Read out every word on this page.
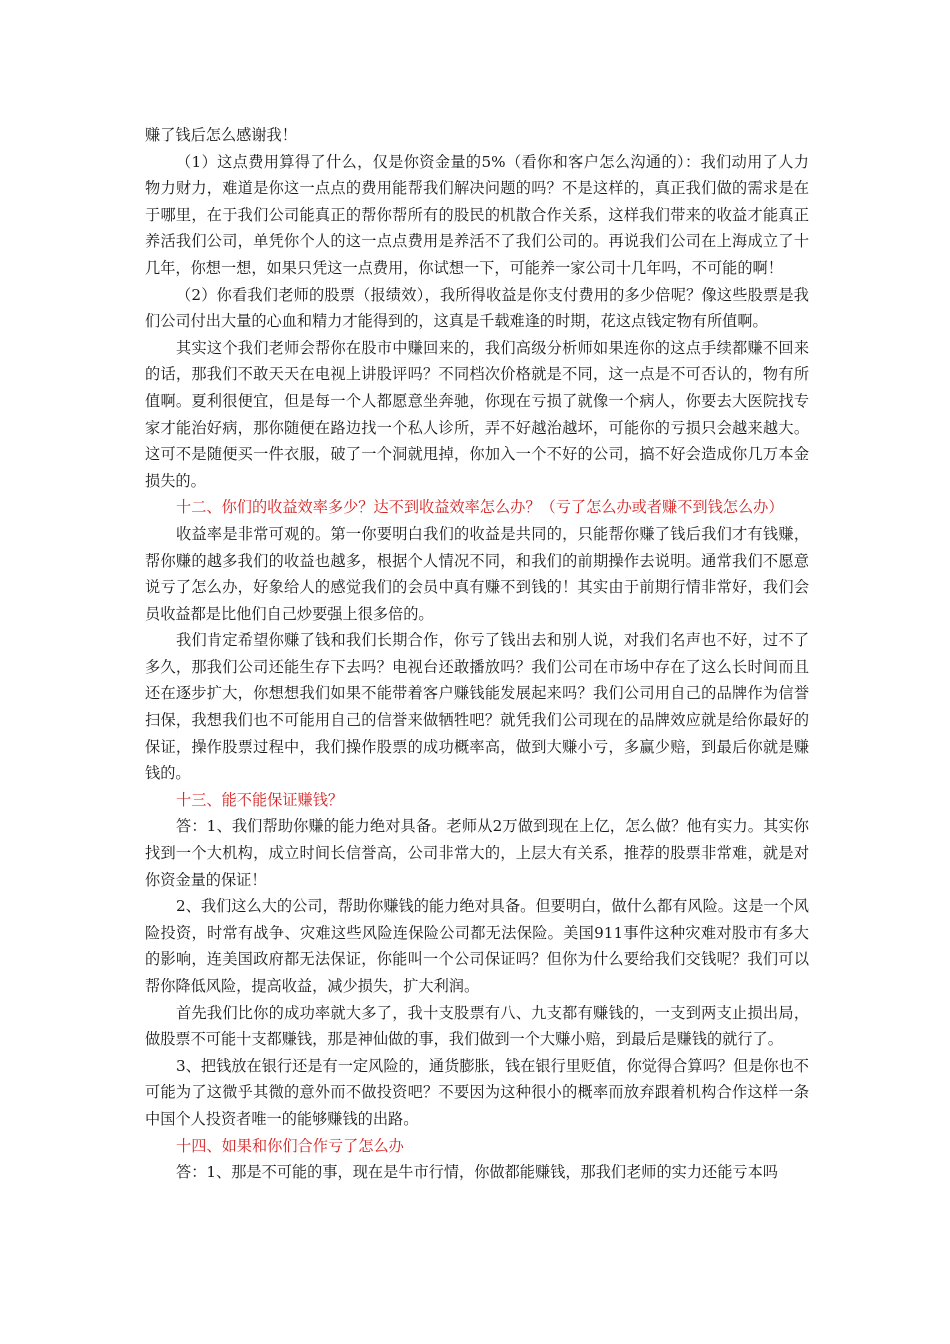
赚了钱后怎么感谢我！

（1）这点费用算得了什么，仅是你资金量的5%（看你和客户怎么沟通的）：我们动用了人力物力财力，难道是你这一点点的费用能帮我们解决问题的吗？不是这样的，真正我们做的需求是在于哪里，在于我们公司能真正的帮你帮所有的股民的机散合作关系，这样我们带来的收益才能真正养活我们公司，单凭你个人的这一点点费用是养活不了我们公司的。再说我们公司在上海成立了十几年，你想一想，如果只凭这一点费用，你试想一下，可能养一家公司十几年吗，不可能的啊！

（2）你看我们老师的股票（报绩效），我所得收益是你支付费用的多少倍呢？像这些股票是我们公司付出大量的心血和精力才能得到的，这真是千载难逢的时期，花这点钱定物有所值啊。

其实这个我们老师会帮你在股市中赚回来的，我们高级分析师如果连你的这点手续都赚不回来的话，那我们不敢天天在电视上讲股评吗？不同档次价格就是不同，这一点是不可否认的，物有所值啊。夏利很便宜，但是每一个人都愿意坐奔驰，你现在亏损了就像一个病人，你要去大医院找专家才能治好病，那你随便在路边找一个私人诊所，弄不好越治越坏，可能你的亏损只会越来越大。这可不是随便买一件衣服，破了一个洞就甩掉，你加入一个不好的公司，搞不好会造成你几万本金损失的。

十二、你们的收益效率多少？达不到收益效率怎么办？（亏了怎么办或者赚不到钱怎么办）

收益率是非常可观的。第一你要明白我们的收益是共同的，只能帮你赚了钱后我们才有钱赚，帮你赚的越多我们的收益也越多，根据个人情况不同，和我们的前期操作去说明。通常我们不愿意说亏了怎么办，好象给人的感觉我们的会员中真有赚不到钱的！其实由于前期行情非常好，我们会员收益都是比他们自己炒要强上很多倍的。

我们肯定希望你赚了钱和我们长期合作，你亏了钱出去和别人说，对我们名声也不好，过不了多久，那我们公司还能生存下去吗？电视台还敢播放吗？我们公司在市场中存在了这么长时间而且还在逐步扩大，你想想我们如果不能带着客户赚钱能发展起来吗？我们公司用自己的品牌作为信誉扫保，我想我们也不可能用自己的信誉来做牺牲吧？就凭我们公司现在的品牌效应就是给你最好的保证，操作股票过程中，我们操作股票的成功概率高，做到大赚小亏，多赢少赔，到最后你就是赚钱的。

十三、能不能保证赚钱？

答：1、我们帮助你赚的能力绝对具备。老师从2万做到现在上亿，怎么做？他有实力。其实你找到一个大机构，成立时间长信誉高，公司非常大的，上层大有关系，推荐的股票非常难，就是对你资金量的保证！

2、我们这么大的公司，帮助你赚钱的能力绝对具备。但要明白，做什么都有风险。这是一个风险投资，时常有战争、灾难这些风险连保险公司都无法保险。美国911事件这种灾难对股市有多大的影响，连美国政府都无法保证，你能叫一个公司保证吗？但你为什么要给我们交钱呢？我们可以帮你降低风险，提高收益，减少损失，扩大利润。

首先我们比你的成功率就大多了，我十支股票有八、九支都有赚钱的，一支到两支止损出局，做股票不可能十支都赚钱，那是神仙做的事，我们做到一个大赚小赔，到最后是赚钱的就行了。

3、把钱放在银行还是有一定风险的，通货膨胀，钱在银行里贬值，你觉得合算吗？但是你也不可能为了这微乎其微的意外而不做投资吧？不要因为这种很小的概率而放弃跟着机构合作这样一条中国个人投资者唯一的能够赚钱的出路。

十四、如果和你们合作亏了怎么办

答：1、那是不可能的事，现在是牛市行情，你做都能赚钱，那我们老师的实力还能亏本吗
